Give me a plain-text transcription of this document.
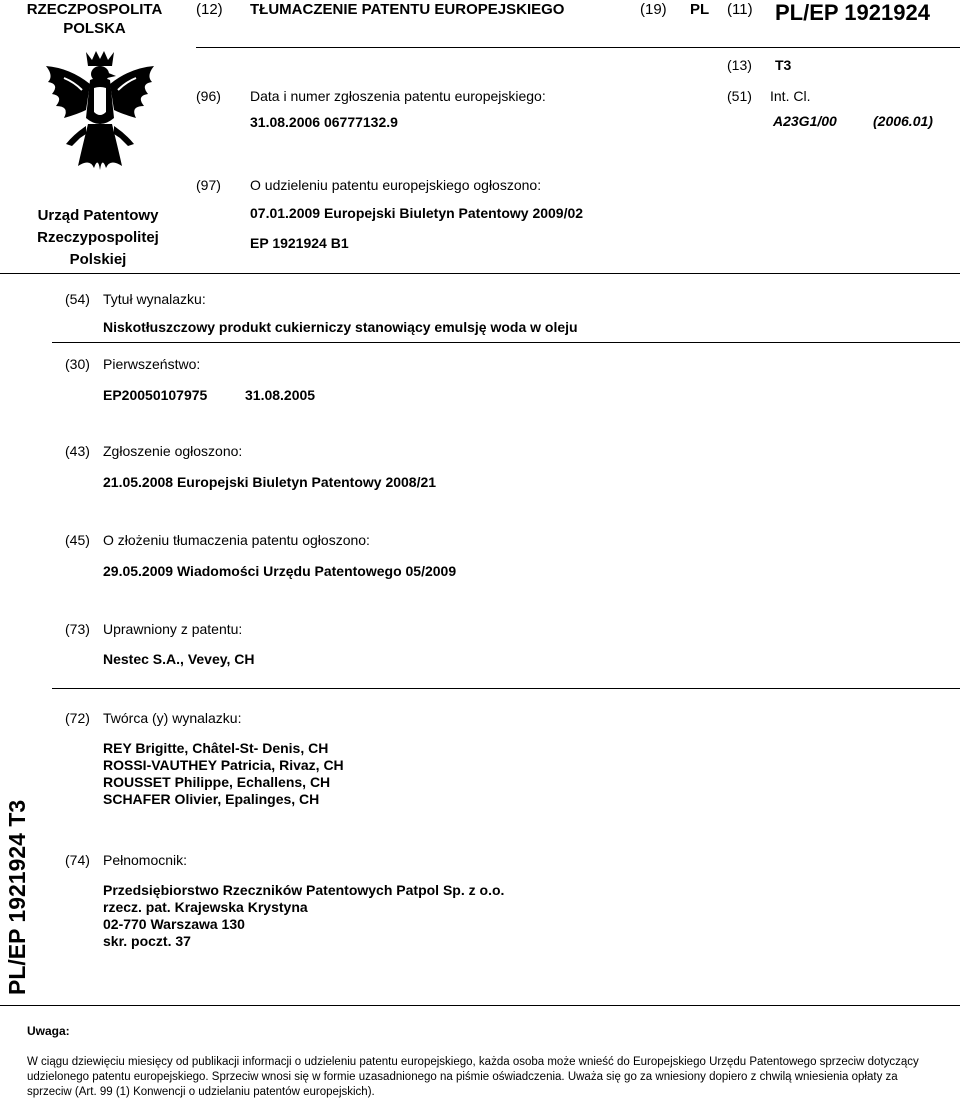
RZECZPOSPOLITA
POLSKA
(12) TŁUMACZENIE PATENTU EUROPEJSKIEGO	(19) PL (11) PL/EP 1921924
(13) T3
(96) Data i numer zgłoszenia patentu europejskiego:
31.08.2006 06777132.9
(51) Int. Cl.
A23G1/00	(2006.01)
(97) O udzieleniu patentu europejskiego ogłoszono:
07.01.2009 Europejski Biuletyn Patentowy 2009/02
EP 1921924 B1
Urząd Patentowy
Rzeczypospolitej
Polskiej
(54) Tytuł wynalazku:
Niskotłuszczowy produkt cukierniczy stanowiący emulsję woda w oleju
(30) Pierwszeństwo:
EP20050107975	31.08.2005
(43) Zgłoszenie ogłoszono:
21.05.2008 Europejski Biuletyn Patentowy 2008/21
(45) O złożeniu tłumaczenia patentu ogłoszono:
29.05.2009 Wiadomości Urzędu Patentowego 05/2009
(73) Uprawniony z patentu:
Nestec S.A., Vevey, CH
(72) Twórca (y) wynalazku:
REY Brigitte, Châtel-St- Denis, CH
ROSSI-VAUTHEY Patricia, Rivaz, CH
ROUSSET Philippe, Echallens, CH
SCHAFER Olivier, Epalinges, CH
(74) Pełnomocnik:
Przedsiębiorstwo Rzeczników Patentowych Patpol Sp. z o.o.
rzecz. pat. Krajewska Krystyna
02-770 Warszawa 130
skr. poczt. 37
PL/EP 1921924 T3
Uwaga:
W ciągu dziewięciu miesięcy od publikacji informacji o udzieleniu patentu europejskiego, każda osoba może wnieść do Europejskiego Urzędu Patentowego sprzeciw dotyczący udzielonego patentu europejskiego. Sprzeciw wnosi się w formie uzasadnionego na piśmie oświadczenia. Uważa się go za wniesiony dopiero z chwilą wniesienia opłaty za sprzeciw (Art. 99 (1) Konwencji o udzielaniu patentów europejskich).
